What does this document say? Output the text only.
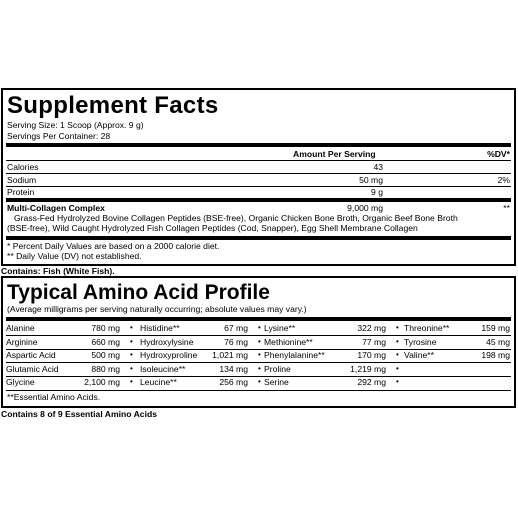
Supplement Facts
Serving Size: 1 Scoop (Approx. 9 g)
Servings Per Container: 28
Amount Per Serving	%DV*
Calories	43
Sodium	50 mg	2%
Protein	9 g
Multi-Collagen Complex	9,000 mg	**
Grass-Fed Hydrolyzed Bovine Collagen Peptides (BSE-free), Organic Chicken Bone Broth, Organic Beef Bone Broth
(BSE-free), Wild Caught Hydrolyzed Fish Collagen Peptides (Cod, Snapper), Egg Shell Membrane Collagen
* Percent Daily Values are based on a 2000 calorie diet.
** Daily Value (DV) not established.
Contains: Fish (White Fish).
Typical Amino Acid Profile
(Average milligrams per serving naturally occurring; absolute values may vary.)
Alanine	780 mg • Histidine**	67 mg • Lysine**	322 mg • Threonine**	159 mg
Arginine	660 mg • Hydroxylysine	76 mg • Methionine**	77 mg • Tyrosine	45 mg
Aspartic Acid	500 mg • Hydroxyproline 1,021 mg • Phenylalanine**	170 mg • Valine**	198 mg
Glutamic Acid	880 mg • Isoleucine**	134 mg • Proline	1,219 mg •
Glycine	2,100 mg • Leucine**	256 mg • Serine	292 mg •
**Essential Amino Acids.
Contains 8 of 9 Essential Amino Acids
